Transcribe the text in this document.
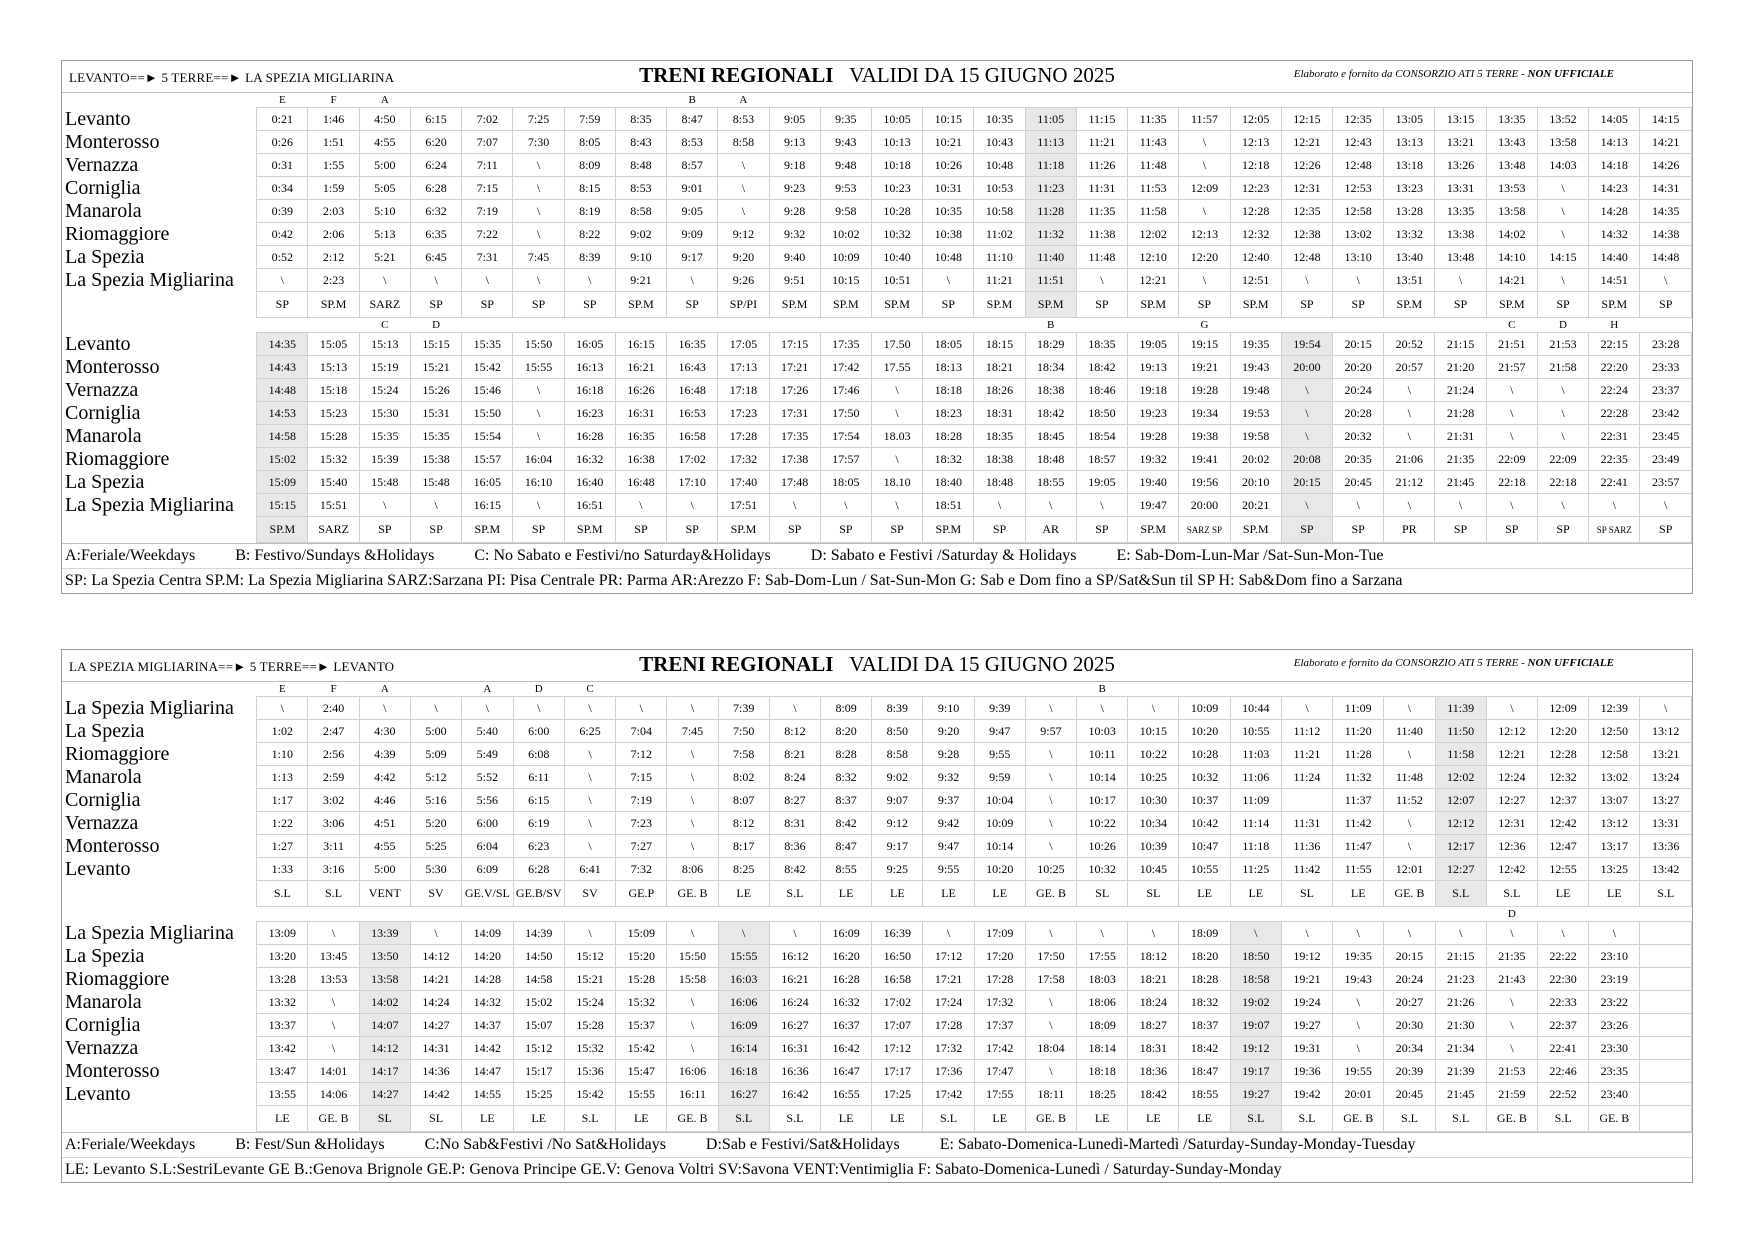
LEVANTO==► 5 TERRE==► LA SPEZIA MIGLIARINA	TRENI REGIONALI VALIDI DA 15 GIUGNO 2025	Elaborato e fornito da CONSORZIO ATI 5 TERRE - NON UFFICIALE
	E	F	A						B	A																		
Levanto	0:21	1:46	4:50	6:15	7:02	7:25	7:59	8:35	8:47	8:53	9:05	9:35	10:05	10:15	10:35	11:05	11:15	11:35	11:57	12:05	12:15	12:35	13:05	13:15	13:35	13:52	14:05	14:15
Monterosso	0:26	1:51	4:55	6:20	7:07	7:30	8:05	8:43	8:53	8:58	9:13	9:43	10:13	10:21	10:43	11:13	11:21	11:43	\	12:13	12:21	12:43	13:13	13:21	13:43	13:58	14:13	14:21
Vernazza	0:31	1:55	5:00	6:24	7:11	\	8:09	8:48	8:57	\	9:18	9:48	10:18	10:26	10:48	11:18	11:26	11:48	\	12:18	12:26	12:48	13:18	13:26	13:48	14:03	14:18	14:26
Corniglia	0:34	1:59	5:05	6:28	7:15	\	8:15	8:53	9:01	\	9:23	9:53	10:23	10:31	10:53	11:23	11:31	11:53	12:09	12:23	12:31	12:53	13:23	13:31	13:53	\	14:23	14:31
Manarola	0:39	2:03	5:10	6:32	7:19	\	8:19	8:58	9:05	\	9:28	9:58	10:28	10:35	10:58	11:28	11:35	11:58	\	12:28	12:35	12:58	13:28	13:35	13:58	\	14:28	14:35
Riomaggiore	0:42	2:06	5:13	6:35	7:22	\	8:22	9:02	9:09	9:12	9:32	10:02	10:32	10:38	11:02	11:32	11:38	12:02	12:13	12:32	12:38	13:02	13:32	13:38	14:02	\	14:32	14:38
La Spezia	0:52	2:12	5:21	6:45	7:31	7:45	8:39	9:10	9:17	9:20	9:40	10:09	10:40	10:48	11:10	11:40	11:48	12:10	12:20	12:40	12:48	13:10	13:40	13:48	14:10	14:15	14:40	14:48
La Spezia Migliarina	\	2:23	\	\	\	\	\	9:21	\	9:26	9:51	10:15	10:51	\	11:21	11:51	\	12:21	\	12:51	\	\	13:51	\	14:21	\	14:51	\
	SP	SP.M	SARZ	SP	SP	SP	SP	SP.M	SP	SP/PI	SP.M	SP.M	SP.M	SP	SP.M	SP.M	SP	SP.M	SP	SP.M	SP	SP	SP.M	SP	SP.M	SP	SP.M	SP
			C	D												B			G						C	D	H	
Levanto	14:35	15:05	15:13	15:15	15:35	15:50	16:05	16:15	16:35	17:05	17:15	17:35	17.50	18:05	18:15	18:29	18:35	19:05	19:15	19:35	19:54	20:15	20:52	21:15	21:51	21:53	22:15	23:28
Monterosso	14:43	15:13	15:19	15:21	15:42	15:55	16:13	16:21	16:43	17:13	17:21	17:42	17.55	18:13	18:21	18:34	18:42	19:13	19:21	19:43	20:00	20:20	20:57	21:20	21:57	21:58	22:20	23:33
Vernazza	14:48	15:18	15:24	15:26	15:46	\	16:18	16:26	16:48	17:18	17:26	17:46	\	18:18	18:26	18:38	18:46	19:18	19:28	19:48	\	20:24	\	21:24	\	\	22:24	23:37
Corniglia	14:53	15:23	15:30	15:31	15:50	\	16:23	16:31	16:53	17:23	17:31	17:50	\	18:23	18:31	18:42	18:50	19:23	19:34	19:53	\	20:28	\	21:28	\	\	22:28	23:42
Manarola	14:58	15:28	15:35	15:35	15:54	\	16:28	16:35	16:58	17:28	17:35	17:54	18.03	18:28	18:35	18:45	18:54	19:28	19:38	19:58	\	20:32	\	21:31	\	\	22:31	23:45
Riomaggiore	15:02	15:32	15:39	15:38	15:57	16:04	16:32	16:38	17:02	17:32	17:38	17:57	\	18:32	18:38	18:48	18:57	19:32	19:41	20:02	20:08	20:35	21:06	21:35	22:09	22:09	22:35	23:49
La Spezia	15:09	15:40	15:48	15:48	16:05	16:10	16:40	16:48	17:10	17:40	17:48	18:05	18.10	18:40	18:48	18:55	19:05	19:40	19:56	20:10	20:15	20:45	21:12	21:45	22:18	22:18	22:41	23:57
La Spezia Migliarina	15:15	15:51	\	\	16:15	\	16:51	\	\	17:51	\	\	\	18:51	\	\	\	19:47	20:00	20:21	\	\	\	\	\	\	\	\
	SP.M	SARZ	SP	SP	SP.M	SP	SP.M	SP	SP	SP.M	SP	SP	SP	SP.M	SP	AR	SP	SP.M	SARZ SP	SP.M	SP	SP	PR	SP	SP	SP	SP SARZ	SP
A:Feriale/Weekdays	B: Festivo/Sundays &Holidays	C: No Sabato e Festivi/no Saturday&Holidays	D: Sabato e Festivi /Saturday & Holidays	E: Sab-Dom-Lun-Mar /Sat-Sun-Mon-Tue
SP: La Spezia Centra SP.M: La Spezia Migliarina SARZ:Sarzana PI: Pisa Centrale PR: Parma AR:Arezzo F: Sab-Dom-Lun / Sat-Sun-Mon G: Sab e Dom fino a SP/Sat&Sun til SP H: Sab&Dom fino a Sarzana
LA SPEZIA MIGLIARINA==► 5 TERRE==► LEVANTO	TRENI REGIONALI VALIDI DA 15 GIUGNO 2025	Elaborato e fornito da CONSORZIO ATI 5 TERRE - NON UFFICIALE
	E	F	A		A	D	C										B											
La Spezia Migliarina	\	2:40	\	\	\	\	\	\	\	7:39	\	8:09	8:39	9:10	9:39	\	\	\	10:09	10:44	\	11:09	\	11:39	\	12:09	12:39	\
La Spezia	1:02	2:47	4:30	5:00	5:40	6:00	6:25	7:04	7:45	7:50	8:12	8:20	8:50	9:20	9:47	9:57	10:03	10:15	10:20	10:55	11:12	11:20	11:40	11:50	12:12	12:20	12:50	13:12
Riomaggiore	1:10	2:56	4:39	5:09	5:49	6:08	\	7:12	\	7:58	8:21	8:28	8:58	9:28	9:55	\	10:11	10:22	10:28	11:03	11:21	11:28	\	11:58	12:21	12:28	12:58	13:21
Manarola	1:13	2:59	4:42	5:12	5:52	6:11	\	7:15	\	8:02	8:24	8:32	9:02	9:32	9:59	\	10:14	10:25	10:32	11:06	11:24	11:32	11:48	12:02	12:24	12:32	13:02	13:24
Corniglia	1:17	3:02	4:46	5:16	5:56	6:15	\	7:19	\	8:07	8:27	8:37	9:07	9:37	10:04	\	10:17	10:30	10:37	11:09		11:37	11:52	12:07	12:27	12:37	13:07	13:27
Vernazza	1:22	3:06	4:51	5:20	6:00	6:19	\	7:23	\	8:12	8:31	8:42	9:12	9:42	10:09	\	10:22	10:34	10:42	11:14	11:31	11:42	\	12:12	12:31	12:42	13:12	13:31
Monterosso	1:27	3:11	4:55	5:25	6:04	6:23	\	7:27	\	8:17	8:36	8:47	9:17	9:47	10:14	\	10:26	10:39	10:47	11:18	11:36	11:47	\	12:17	12:36	12:47	13:17	13:36
Levanto	1:33	3:16	5:00	5:30	6:09	6:28	6:41	7:32	8:06	8:25	8:42	8:55	9:25	9:55	10:20	10:25	10:32	10:45	10:55	11:25	11:42	11:55	12:01	12:27	12:42	12:55	13:25	13:42
	S.L	S.L	VENT	SV	GE.V/SL	GE.B/SV	SV	GE.P	GE. B	LE	S.L	LE	LE	LE	LE	GE. B	SL	SL	LE	LE	SL	LE	GE. B	S.L	S.L	LE	LE	S.L
																									D			
La Spezia Migliarina	13:09	\	13:39	\	14:09	14:39	\	15:09	\	\	\	16:09	16:39	\	17:09	\	\	\	18:09	\	\	\	\	\	\	\	\	
La Spezia	13:20	13:45	13:50	14:12	14:20	14:50	15:12	15:20	15:50	15:55	16:12	16:20	16:50	17:12	17:20	17:50	17:55	18:12	18:20	18:50	19:12	19:35	20:15	21:15	21:35	22:22	23:10	
Riomaggiore	13:28	13:53	13:58	14:21	14:28	14:58	15:21	15:28	15:58	16:03	16:21	16:28	16:58	17:21	17:28	17:58	18:03	18:21	18:28	18:58	19:21	19:43	20:24	21:23	21:43	22:30	23:19	
Manarola	13:32	\	14:02	14:24	14:32	15:02	15:24	15:32	\	16:06	16:24	16:32	17:02	17:24	17:32	\	18:06	18:24	18:32	19:02	19:24	\	20:27	21:26	\	22:33	23:22	
Corniglia	13:37	\	14:07	14:27	14:37	15:07	15:28	15:37	\	16:09	16:27	16:37	17:07	17:28	17:37	\	18:09	18:27	18:37	19:07	19:27	\	20:30	21:30	\	22:37	23:26	
Vernazza	13:42	\	14:12	14:31	14:42	15:12	15:32	15:42	\	16:14	16:31	16:42	17:12	17:32	17:42	18:04	18:14	18:31	18:42	19:12	19:31	\	20:34	21:34	\	22:41	23:30	
Monterosso	13:47	14:01	14:17	14:36	14:47	15:17	15:36	15:47	16:06	16:18	16:36	16:47	17:17	17:36	17:47	\	18:18	18:36	18:47	19:17	19:36	19:55	20:39	21:39	21:53	22:46	23:35	
Levanto	13:55	14:06	14:27	14:42	14:55	15:25	15:42	15:55	16:11	16:27	16:42	16:55	17:25	17:42	17:55	18:11	18:25	18:42	18:55	19:27	19:42	20:01	20:45	21:45	21:59	22:52	23:40	
	LE	GE. B	SL	SL	LE	LE	S.L	LE	GE. B	S.L	S.L	LE	LE	S.L	LE	GE. B	LE	LE	LE	S.L	S.L	GE. B	S.L	S.L	GE. B	S.L	GE. B	
A:Feriale/Weekdays	B: Fest/Sun &Holidays	C:No Sab&Festivi /No Sat&Holidays	D:Sab e Festivi/Sat&Holidays	E: Sabato-Domenica-Lunedì-Martedì /Saturday-Sunday-Monday-Tuesday
LE: Levanto S.L:SestriLevante GE B.:Genova Brignole GE.P: Genova Principe GE.V: Genova Voltri SV:Savona VENT:Ventimiglia F: Sabato-Domenica-Lunedì / Saturday-Sunday-Monday
